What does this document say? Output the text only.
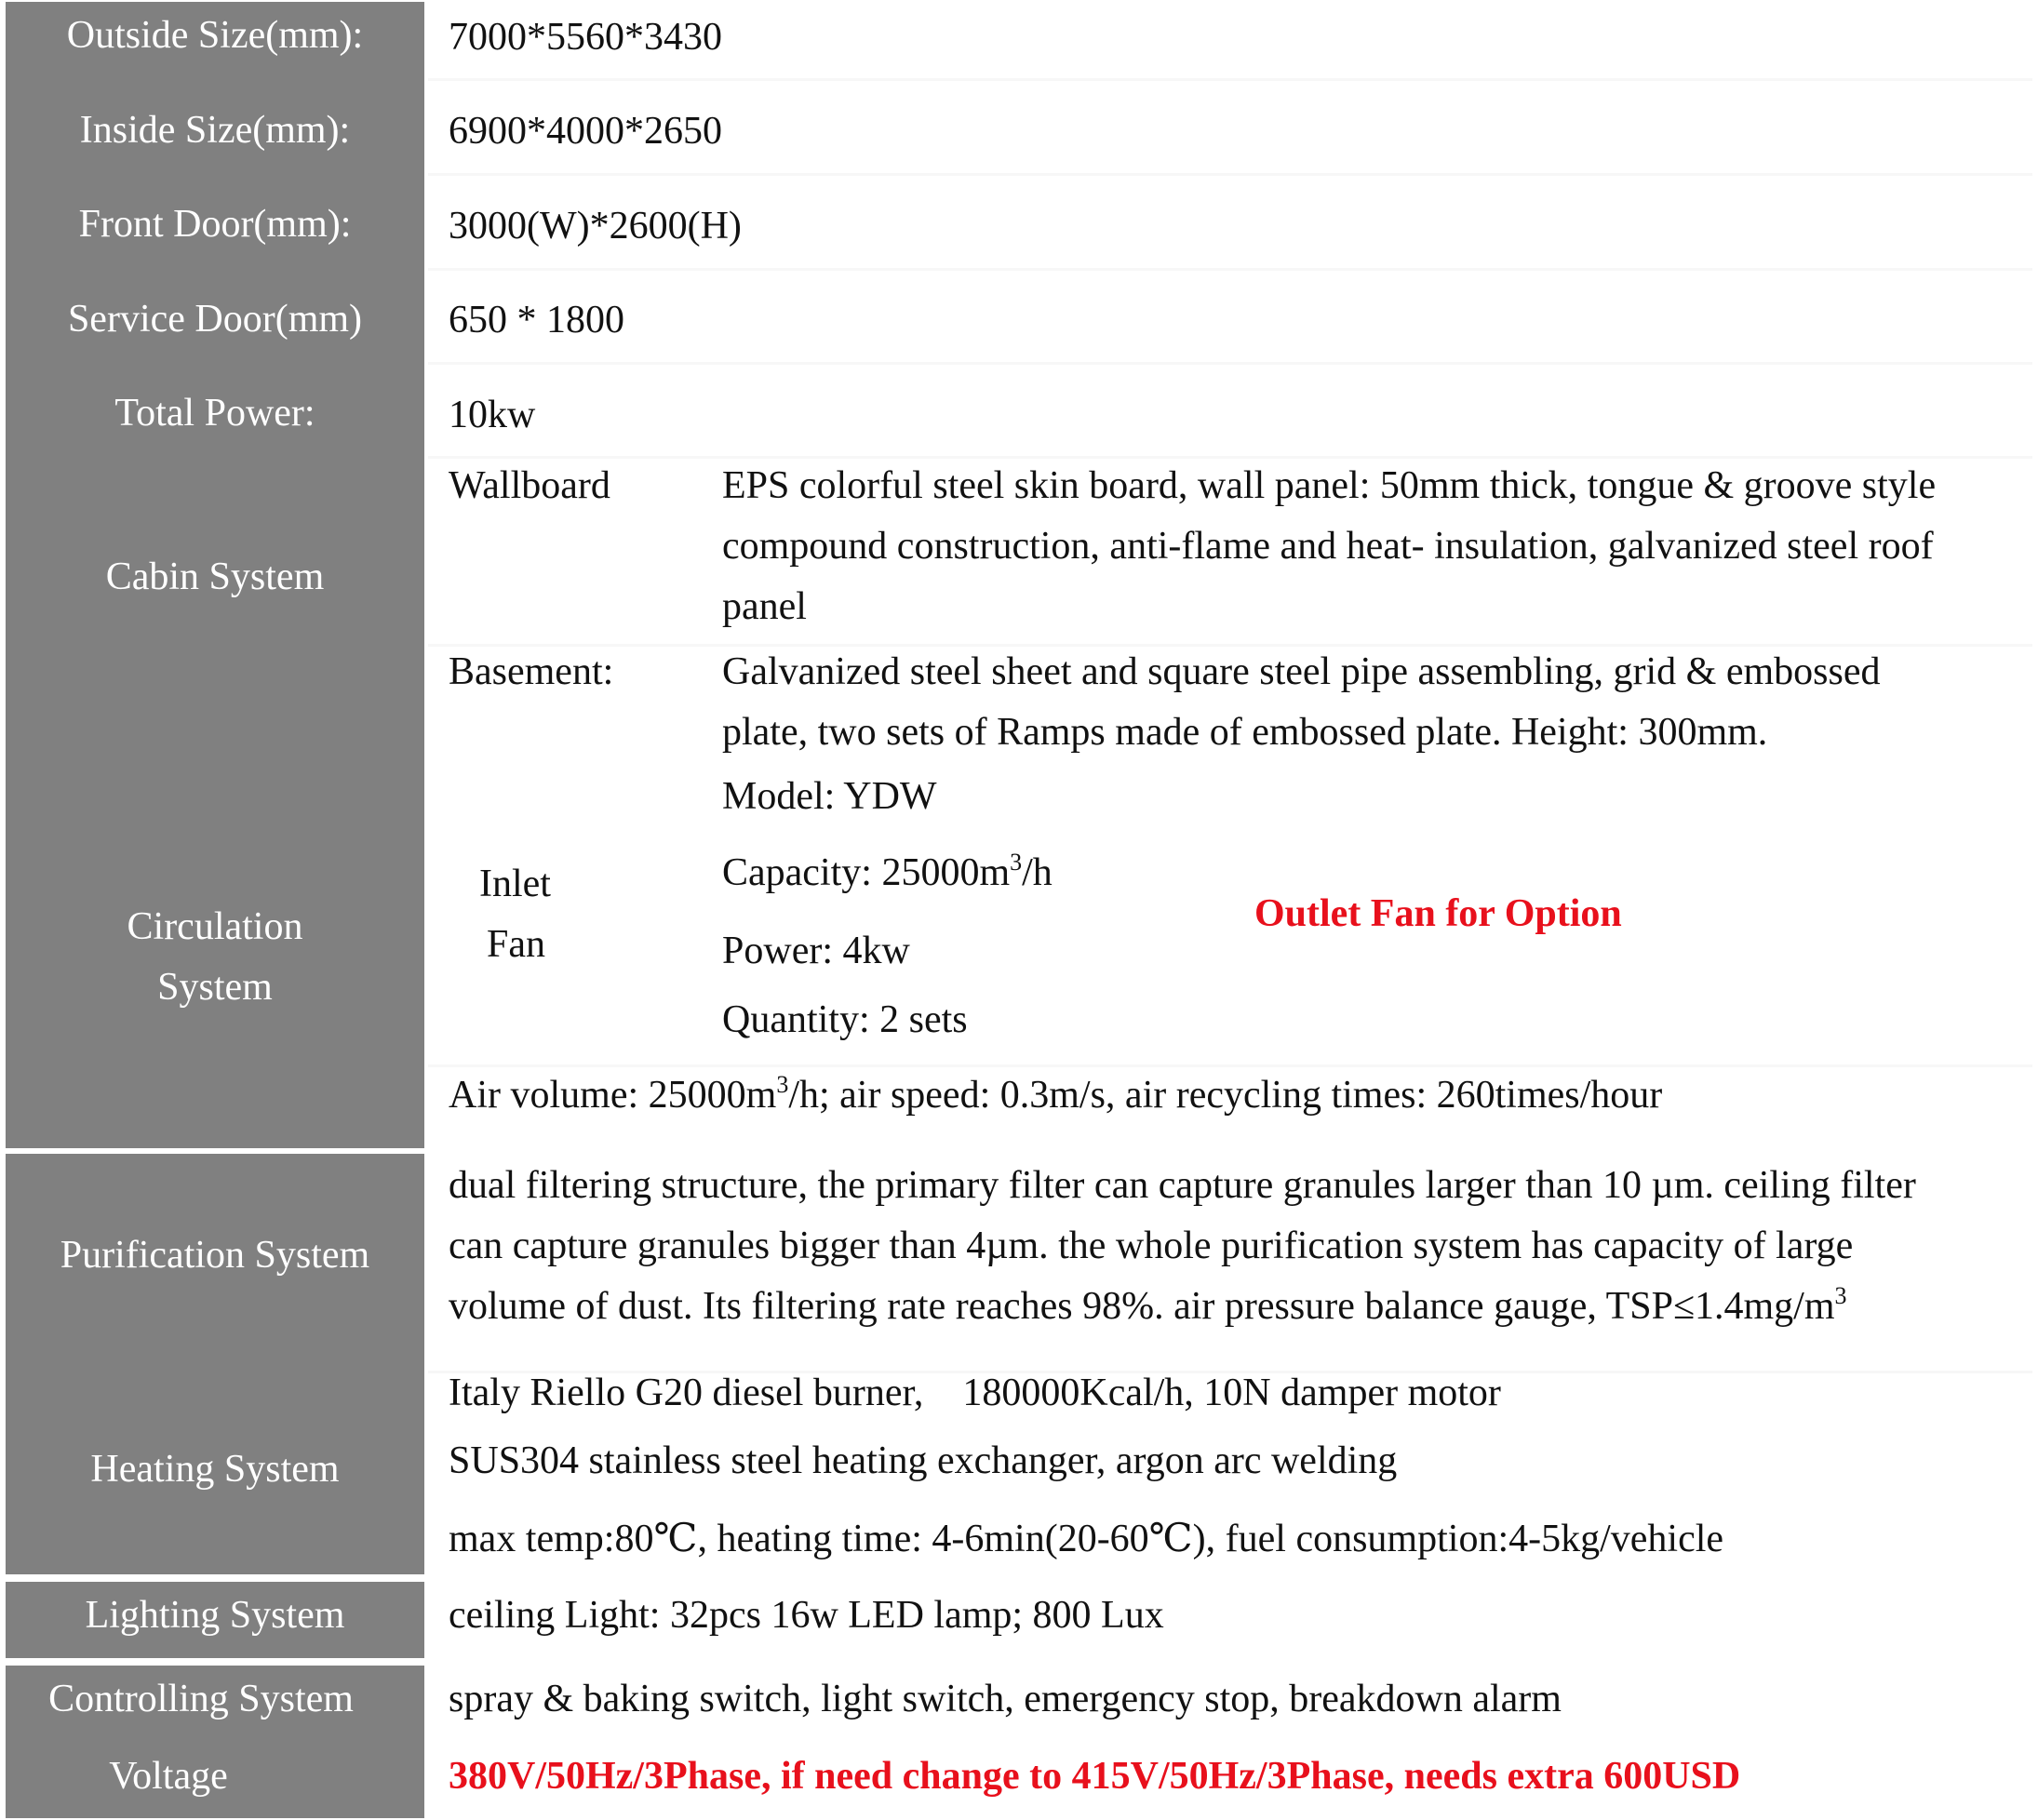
Outside Size(mm):
Inside Size(mm):
Front Door(mm):
Service Door(mm)
Total Power:
Cabin System
Circulation
System
Purification System
Heating System
Lighting System
Controlling System
Voltage
7000*5560*3430
6900*4000*2650
3000(W)*2600(H)
650 * 1800
10kw
Wallboard	EPS colorful steel skin board, wall panel: 50mm thick, tongue & groove style
compound construction, anti-flame and heat- insulation, galvanized steel roof
panel
Basement:	Galvanized steel sheet and square steel pipe assembling, grid & embossed
plate, two sets of Ramps made of embossed plate. Height: 300mm.
Inlet
Fan
Model: YDW
Capacity: $25000m^3/h$
Power: 4kw
Quantity: 2 sets
Outlet Fan for Option
Air volume: $25000m^3/h$; air speed: 0.3m/s, air recycling times: 260times/hour
dual filtering structure, the primary filter can capture granules larger than 10 µm. ceiling filter
can capture granules bigger than 4µm. the whole purification system has capacity of large
volume of dust. Its filtering rate reaches 98%. air pressure balance gauge, $TSP\le 1.4mg/m^3$
Italy Riello G20 diesel burner,    180000Kcal/h, 10N damper motor
SUS304 stainless steel heating exchanger, argon arc welding
max temp:80℃, heating time: 4-6min(20-60℃), fuel consumption:4-5kg/vehicle
ceiling Light: 32pcs 16w LED lamp; 800 Lux
spray & baking switch, light switch, emergency stop, breakdown alarm
380V/50Hz/3Phase, if need change to 415V/50Hz/3Phase, needs extra 600USD
